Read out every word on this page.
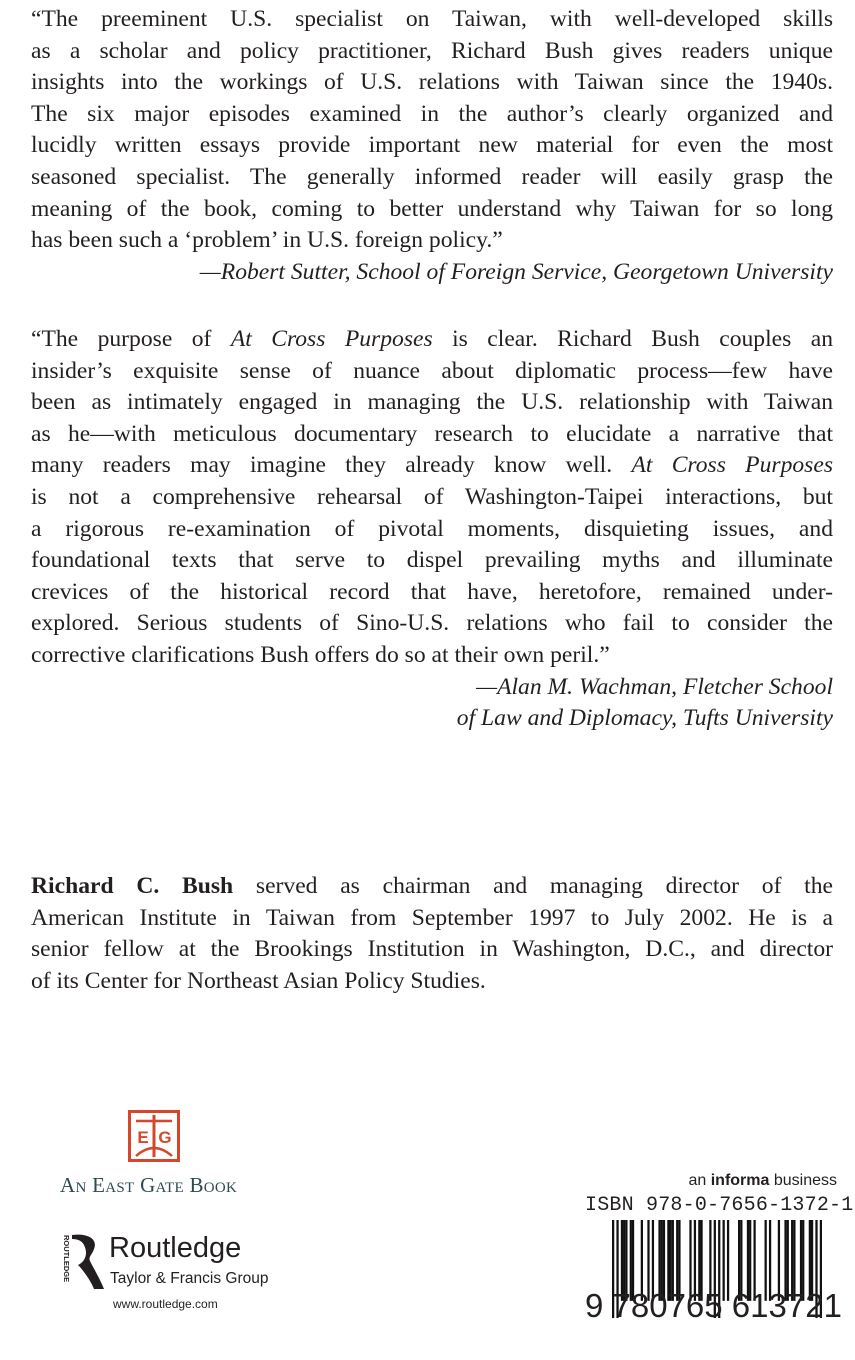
“The preeminent U.S. specialist on Taiwan, with well-developed skills
as a scholar and policy practitioner, Richard Bush gives readers unique
insights into the workings of U.S. relations with Taiwan since the 1940s.
The six major episodes examined in the author’s clearly organized and
lucidly written essays provide important new material for even the most
seasoned specialist. The generally informed reader will easily grasp the
meaning of the book, coming to better understand why Taiwan for so long
has been such a ‘problem’ in U.S. foreign policy.”
—Robert Sutter, School of Foreign Service, Georgetown University
“The purpose of At Cross Purposes is clear. Richard Bush couples an
insider’s exquisite sense of nuance about diplomatic process—few have
been as intimately engaged in managing the U.S. relationship with Taiwan
as he—with meticulous documentary research to elucidate a narrative that
many readers may imagine they already know well. At Cross Purposes
is not a comprehensive rehearsal of Washington-Taipei interactions, but
a rigorous re-examination of pivotal moments, disquieting issues, and
foundational texts that serve to dispel prevailing myths and illuminate
crevices of the historical record that have, heretofore, remained under-
explored. Serious students of Sino-U.S. relations who fail to consider the
corrective clarifications Bush offers do so at their own peril.”
—Alan M. Wachman, Fletcher School
of Law and Diplomacy, Tufts University
Richard C. Bush served as chairman and managing director of the
American Institute in Taiwan from September 1997 to July 2002. He is a
senior fellow at the Brookings Institution in Washington, D.C., and director
of its Center for Northeast Asian Policy Studies.
E G
An East Gate Book
ROUTLEDGE Routledge
Taylor & Francis Group
www.routledge.com
an informa business
ISBN 978-0-7656-1372-1
9 780765 613721
